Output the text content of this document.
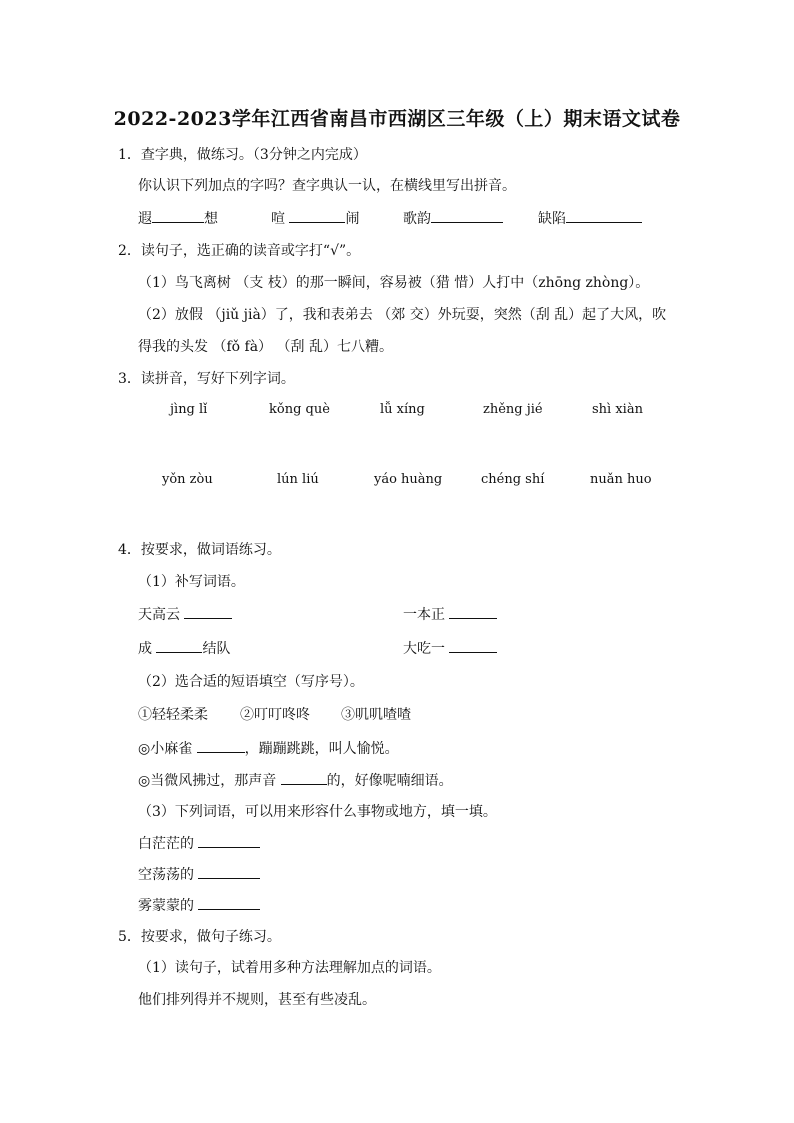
2022-2023学年江西省南昌市西湖区三年级（上）期末语文试卷
1．查字典，做练习。（3分钟之内完成）
你认识下列加点的字吗？查字典认一认，在横线里写出拼音。
遐	想	喧	闹	歌韵	缺陷
2．读句子，选正确的读音或字打“√”。
（1）鸟飞离树 （支 枝）的那一瞬间，容易被（猎 惜）人打中（zhōng zhòng）。
（2）放假 （jiǔ jià）了，我和表弟去 （郊 交）外玩耍，突然（刮 乱）起了大风，吹
得我的头发 （fǒ fà） （刮 乱）七八糟。
3．读拼音，写好下列字词。
jìng lǐ	kǒng què	lǚ xíng	zhěng jié	shì xiàn
yǒn zòu	lún liú	yáo huàng	chéng shí	nuǎn huo
4．按要求，做词语练习。
（1）补写词语。
天高云	一本正
成	结队	大吃一
（2）选合适的短语填空（写序号）。
①轻轻柔柔 ②叮叮咚咚 ③叽叽喳喳
◎小麻雀	，蹦蹦跳跳，叫人愉悦。
◎当微风拂过，那声音	的，好像呢喃细语。
（3）下列词语，可以用来形容什么事物或地方，填一填。
白茫茫的
空荡荡的
雾蒙蒙的
5．按要求，做句子练习。
（1）读句子，试着用多种方法理解加点的词语。
他们排列得并不规则，甚至有些凌乱。
